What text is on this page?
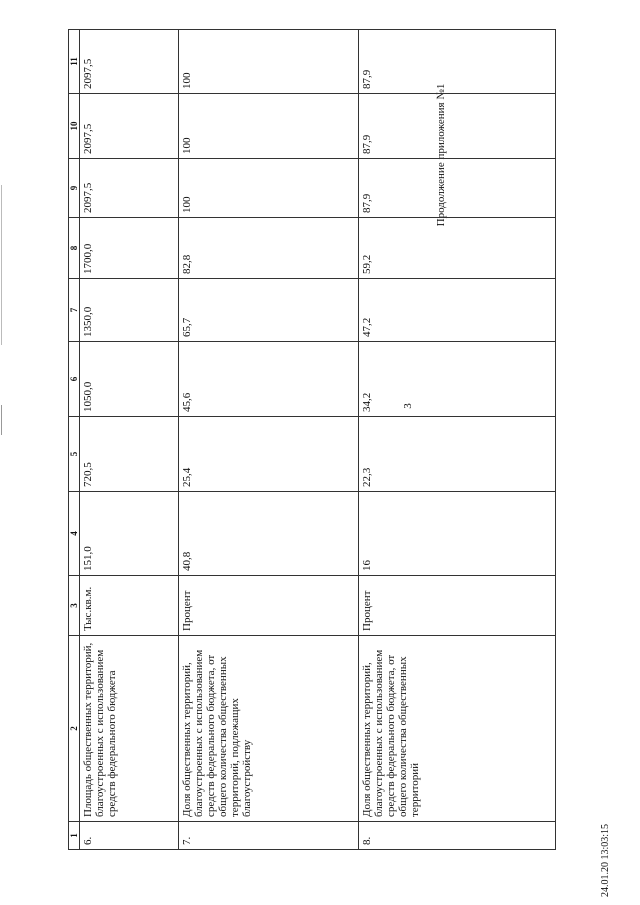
3
Продолжение приложения №1
1	2	3	4	5	6	7	8	9	10	11
6.	Площадь общественных территорий, благоустроенных с использованием средств федерального бюджета	Тыс.кв.м.	151,0	720,5	1050,0	1350,0	1700,0	2097,5	2097,5	2097,5
7.	Доля общественных территорий, благоустроенных с использованием средств федерального бюджета, от общего количества общественных территорий, подлежащих благоустройству	Процент	40,8	25,4	45,6	65,7	82,8	100	100	100
8.	Доля общественных территорий, благоустроенных с использованием средств федерального бюджета, от общего количества общественных территорий	Процент	16	22,3	34,2	47,2	59,2	87,9	87,9	87,9
24.01.20 13:03:15
